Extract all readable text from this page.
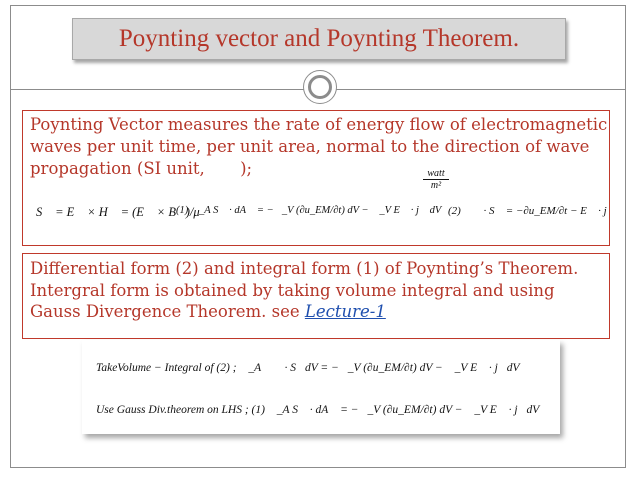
Poynting vector and Poynting Theorem.
Poynting Vector measures the rate of energy flow of electromagnetic waves per unit time, per unit area, normal to the direction of wave propagation (SI unit, );	watt
m²
S⃗ = E⃗ × H⃗ = (E⃗ × B⃗)/μ
(1) ∮_A S⃗ · dA⃗ = −∮_V (∂u_EM/∂t) dV − ∮_V E⃗ · j⃗ dV (2) ∇⃗ · S⃗ = −∂u_EM/∂t − E⃗ · j⃗
Differential form (2) and integral form (1) of Poynting’s Theorem. Intergral form is obtained by taking volume integral and using Gauss Divergence Theorem. see Lecture-1
TakeVolume − Integral of (2) ; ∮_A ∇⃗ · S⃗dV = −∮_V (∂u_EM/∂t) dV − ∮_V E⃗ · j⃗dV
Use Gauss Div.theorem on LHS ; (1) ∮_A S⃗ · dA⃗ = −∮_V (∂u_EM/∂t) dV − ∮_V E⃗ · j⃗dV
